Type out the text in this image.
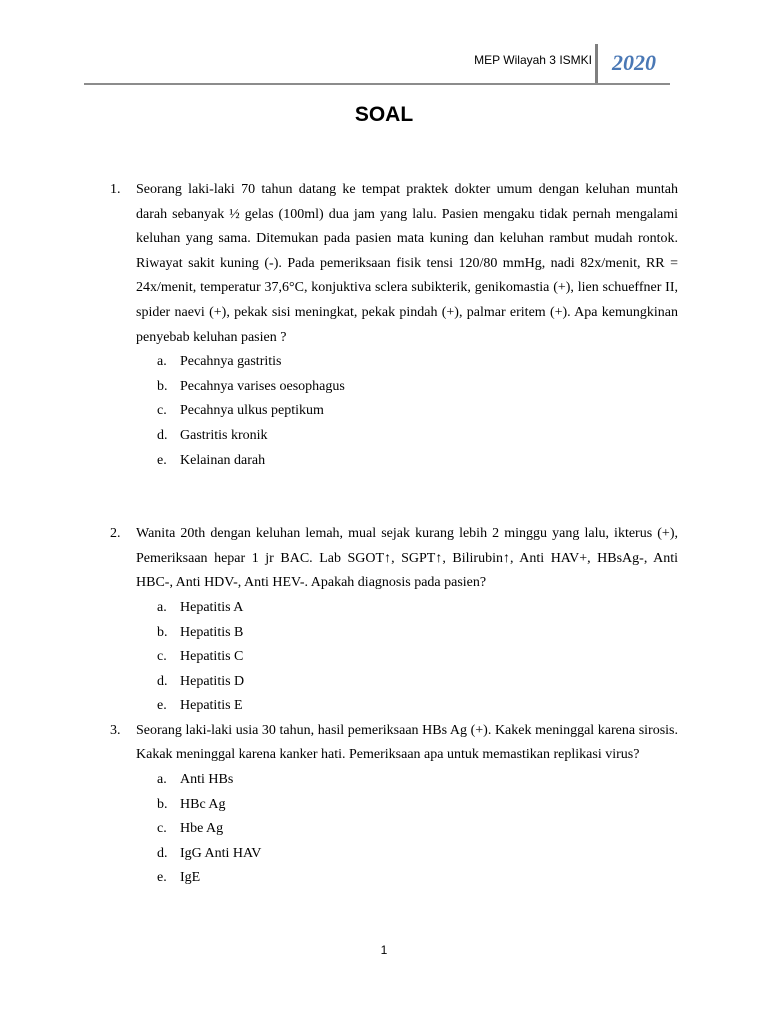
MEP Wilayah 3 ISMKI 2020
SOAL
1.	Seorang laki-laki 70 tahun datang ke tempat praktek dokter umum dengan keluhan muntah darah sebanyak ½ gelas (100ml) dua jam yang lalu. Pasien mengaku tidak pernah mengalami keluhan yang sama. Ditemukan pada pasien mata kuning dan keluhan rambut mudah rontok. Riwayat sakit kuning (-). Pada pemeriksaan fisik tensi 120/80 mmHg, nadi 82x/menit, RR = 24x/menit, temperatur 37,6°C, konjuktiva sclera subikterik, genikomastia (+), lien schueffner II, spider naevi (+), pekak sisi meningkat, pekak pindah (+), palmar eritem (+). Apa kemungkinan penyebab keluhan pasien ?
a. Pecahnya gastritis
b. Pecahnya varises oesophagus
c. Pecahnya ulkus peptikum
d. Gastritis kronik
e. Kelainan darah
2.	Wanita 20th dengan keluhan lemah, mual sejak kurang lebih 2 minggu yang lalu, ikterus (+), Pemeriksaan hepar 1 jr BAC. Lab SGOT↑, SGPT↑, Bilirubin↑, Anti HAV+, HBsAg-, Anti HBC-, Anti HDV-, Anti HEV-. Apakah diagnosis pada pasien?
a. Hepatitis A
b. Hepatitis B
c. Hepatitis C
d. Hepatitis D
e. Hepatitis E
3.	Seorang laki-laki usia 30 tahun, hasil pemeriksaan HBs Ag (+). Kakek meninggal karena sirosis. Kakak meninggal karena kanker hati. Pemeriksaan apa untuk memastikan replikasi virus?
a. Anti HBs
b. HBc Ag
c. Hbe Ag
d. IgG Anti HAV
e. IgE
1
